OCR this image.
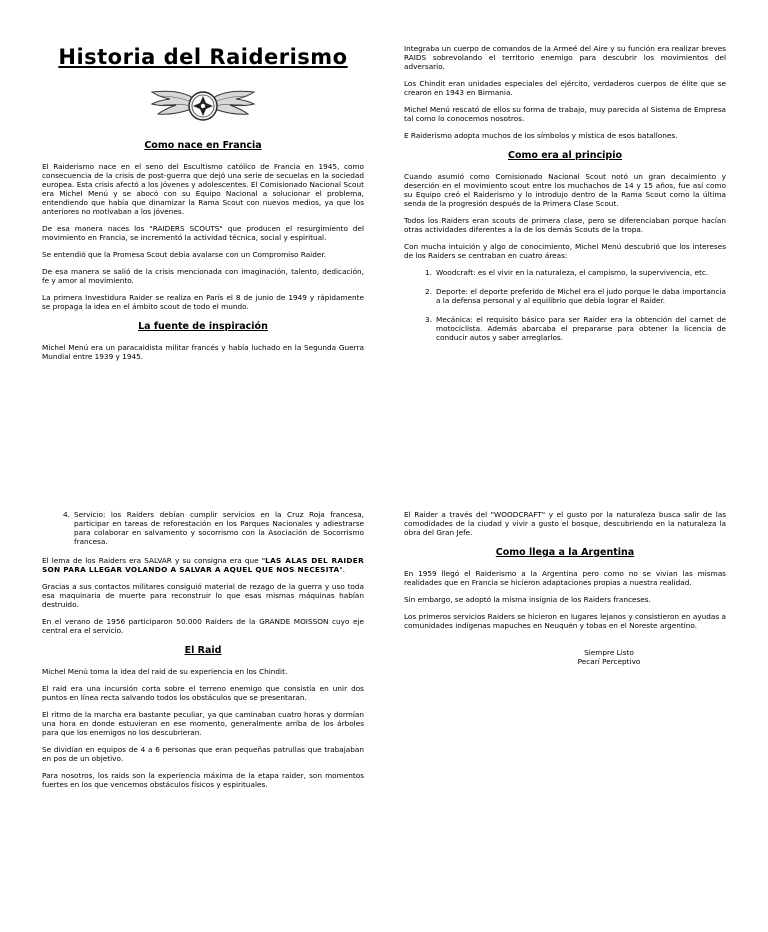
Historia del Raiderismo
Como nace en Francia

El Raiderismo nace en el seno del Escultismo católico de Francia en 1945, como consecuencia de la crisis de post-guerra que dejó una serie de secuelas en la sociedad europea. Esta crisis afectó a los jóvenes y adolescentes. El Comisionado Nacional Scout era Michel Menú y se abocó con su Equipo Nacional a solucionar el problema, entendiendo que había que dinamizar la Rama Scout con nuevos medios, ya que los anteriores no motivaban a los jóvenes.

De esa manera naces los "RAIDERS SCOUTS" que producen el resurgimiento del movimiento en Francia, se incrementó la actividad técnica, social y espiritual.

Se entendió que la Promesa Scout debía avalarse con un Compromiso Raider.

De esa manera se salió de la crisis mencionada con imaginación, talento, dedicación, fe y amor al movimiento.

La primera Investidura Raider se realiza en París el 8 de junio de 1949 y rápidamente se propaga la idea en el ámbito scout de todo el mundo.

La fuente de inspiración

Michel Menú era un paracaidista militar francés y había luchado en la Segunda Guerra Mundial entre 1939 y 1945.

Integraba un cuerpo de comandos de la Armeé del Aire y su función era realizar breves RAIDS sobrevolando el territorio enemigo para descubrir los movimientos del adversario.

Los Chindit eran unidades especiales del ejército, verdaderos cuerpos de élite que se crearon en 1943 en Birmania.

Michel Menú rescató de ellos su forma de trabajo, muy parecida al Sistema de Empresa tal como lo conocemos nosotros.

E Raiderismo adopta muchos de los símbolos y mística de esos batallones.

Como era al principio

Cuando asumió como Comisionado Nacional Scout notó un gran decaimiento y deserción en el movimiento scout entre los muchachos de 14 y 15 años, fue así como su Equipo creó el Raiderismo y lo introdujo dentro de la Rama Scout como la última senda de la progresión después de la Primera Clase Scout.

Todos los Raiders eran scouts de primera clase, pero se diferenciaban porque hacían otras actividades diferentes a la de los demás Scouts de la tropa.

Con mucha intuición y algo de conocimiento, Michel Menú descubrió que los intereses de los Raiders se centraban en cuatro áreas:

1. Woodcraft: es el vivir en la naturaleza, el campismo, la supervivencia, etc.
2. Deporte: el deporte preferido de Michel era el judo porque le daba importancia a la defensa personal y al equilibrio que debía lograr el Raider.
3. Mecánica: el requisito básico para ser Raider era la obtención del carnet de motociclista. Además abarcaba el prepararse para obtener la licencia de conducir autos y saber arreglarlos.
4. Servicio: los Raiders debían cumplir servicios en la Cruz Roja francesa, participar en tareas de reforestación en los Parques Nacionales y adiestrarse para colaborar en salvamento y socorrismo con la Asociación de Socorrismo francesa.

El lema de los Raiders era SALVAR y su consigna era que "LAS ALAS DEL RAIDER SON PARA LLEGAR VOLANDO A SALVAR A AQUEL QUE NOS NECESITA".

Gracias a sus contactos militares consiguió material de rezago de la guerra y uso toda esa maquinaria de muerte para reconstruir lo que esas mismas máquinas habían destruido.

En el verano de 1956 participaron 50.000 Raiders de la GRANDE MOISSON cuyo eje central era el servicio.

El Raid

Michel Menú toma la idea del raid de su experiencia en los Chindit.

El raid era una incursión corta sobre el terreno enemigo que consistía en unir dos puntos en línea recta salvando todos los obstáculos que se presentaran.

El ritmo de la marcha era bastante peculiar, ya que caminaban cuatro horas y dormían una hora en donde estuvieran en ese momento, generalmente arriba de los árboles para que los enemigos no los descubrieran.

Se dividían en equipos de 4 a 6 personas que eran pequeñas patrullas que trabajaban en pos de un objetivo.

Para nosotros, los raids son la experiencia máxima de la etapa raider, son momentos fuertes en los que vencemos obstáculos físicos y espirituales.

El Raider a través del "WOODCRAFT" y el gusto por la naturaleza busca salir de las comodidades de la ciudad y vivir a gusto el bosque, descubriendo en la naturaleza la obra del Gran Jefe.

Como llega a la Argentina

En 1959 llegó el Raiderismo a la Argentina pero como no se vivían las mismas realidades que en Francia se hicieron adaptaciones propias a nuestra realidad.

Sin embargo, se adoptó la misma insignia de los Raiders franceses.

Los primeros servicios Raiders se hicieron en lugares lejanos y consistieron en ayudas a comunidades indígenas mapuches en Neuquén y tobas en el Noreste argentino.

Siempre Listo
Pecarí Perceptivo
